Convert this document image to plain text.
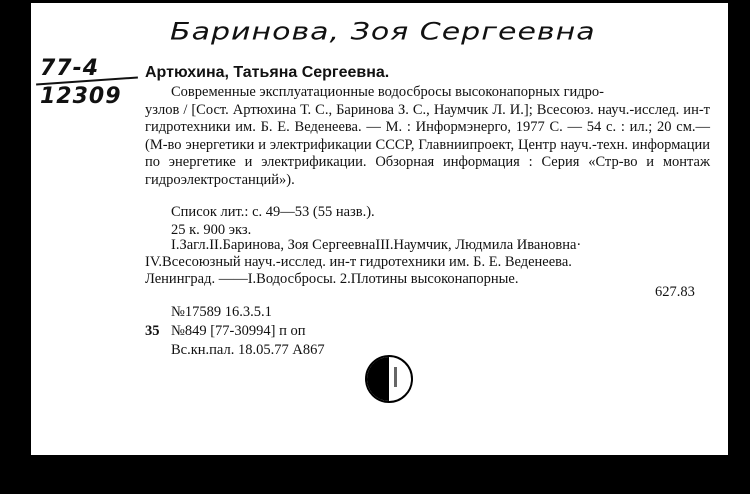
Баринова, Зоя Сергеевна
77-4
12309
Артюхина, Татьяна Сергеевна.

Современные эксплуатационные водосбросы высоконапорных гидро-

узлов / [Сост. Артюхина Т. С., Баринова З. С., Наумчик Л. И.]; Всесоюз. науч.-исслед. ин-т гидротехники им. Б. Е. Веденеева. — М. : Информэнерго, 1977 С. — 54 с. : ил.; 20 см.— (М-во энергетики и электрификации СССР, Главниипроект, Центр науч.-техн. информации по энергетике и электрификации. Обзорная информация : Серия «Стр-во и монтаж гидроэлектростанций»).

Список лит.: с. 49—53 (55 назв.).
25 к. 900 экз.

I.Загл.II.Баринова, Зоя СергеевнаIII.Наумчик, Людмила Ивановна·

IV.Всесоюзный науч.-исслед. ин-т гидротехники им. Б. Е. Веденеева.

Ленинград. ——I.Водосбросы. 2.Плотины высоконапорные.

627.83
№17589 16.3.5.1
35 №849 [77-30994] п оп
Вс.кн.пал. 18.05.77 А867
